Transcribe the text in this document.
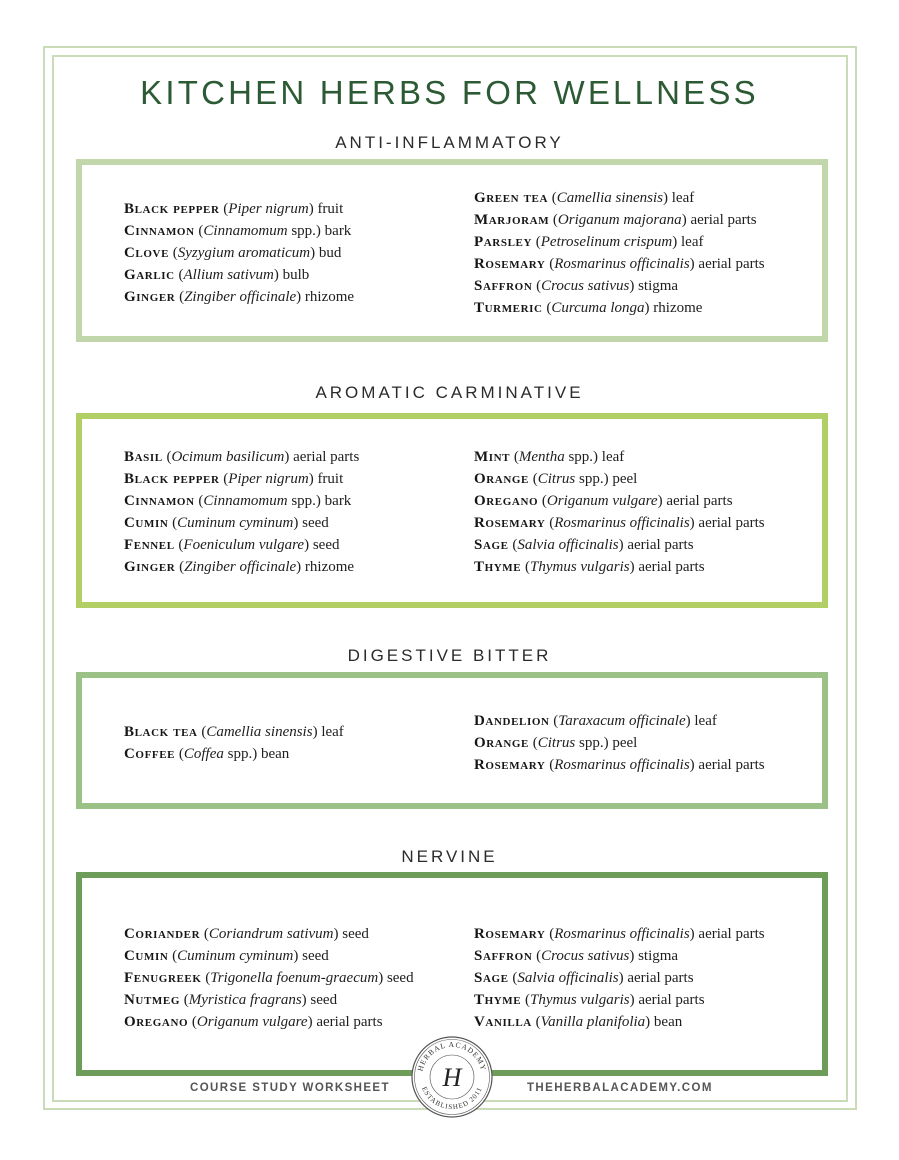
KITCHEN HERBS FOR WELLNESS
ANTI-INFLAMMATORY
Black pepper (Piper nigrum) fruit
Cinnamon (Cinnamomum spp.) bark
Clove (Syzygium aromaticum) bud
Garlic (Allium sativum) bulb
Ginger (Zingiber officinale) rhizome
Green tea (Camellia sinensis) leaf
Marjoram (Origanum majorana) aerial parts
Parsley (Petroselinum crispum) leaf
Rosemary (Rosmarinus officinalis) aerial parts
Saffron (Crocus sativus) stigma
Turmeric (Curcuma longa) rhizome
AROMATIC CARMINATIVE
Basil (Ocimum basilicum) aerial parts
Black pepper (Piper nigrum) fruit
Cinnamon (Cinnamomum spp.) bark
Cumin (Cuminum cyminum) seed
Fennel (Foeniculum vulgare) seed
Ginger (Zingiber officinale) rhizome
Mint (Mentha spp.) leaf
Orange (Citrus spp.) peel
Oregano (Origanum vulgare) aerial parts
Rosemary (Rosmarinus officinalis) aerial parts
Sage (Salvia officinalis) aerial parts
Thyme (Thymus vulgaris) aerial parts
DIGESTIVE BITTER
Black tea (Camellia sinensis) leaf
Coffee (Coffea spp.) bean
Dandelion (Taraxacum officinale) leaf
Orange (Citrus spp.) peel
Rosemary (Rosmarinus officinalis) aerial parts
NERVINE
Coriander (Coriandrum sativum) seed
Cumin (Cuminum cyminum) seed
Fenugreek (Trigonella foenum-graecum) seed
Nutmeg (Myristica fragrans) seed
Oregano (Origanum vulgare) aerial parts
Rosemary (Rosmarinus officinalis) aerial parts
Saffron (Crocus sativus) stigma
Sage (Salvia officinalis) aerial parts
Thyme (Thymus vulgaris) aerial parts
Vanilla (Vanilla planifolia) bean
COURSE STUDY WORKSHEET	THEHERBALACADEMY.COM
HERBAL ACADEMY
ESTABLISHED 2011
H
